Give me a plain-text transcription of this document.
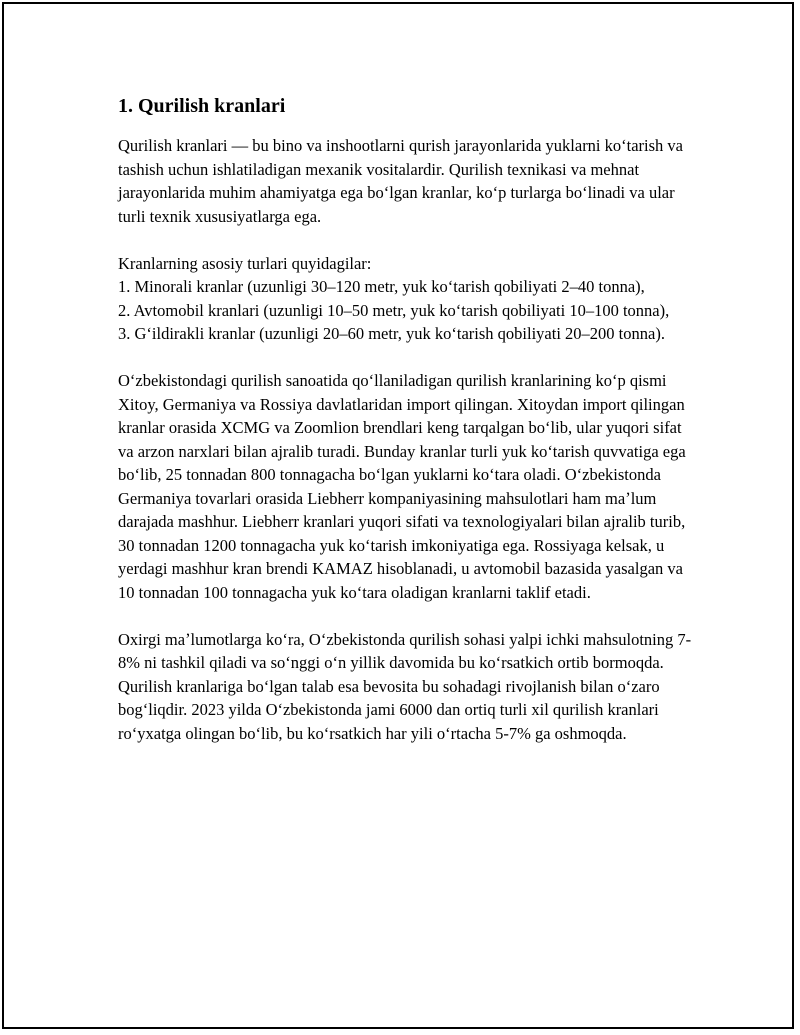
1. Qurilish kranlari

Qurilish kranlari — bu bino va inshootlarni qurish jarayonlarida yuklarni koʻtarish va tashish uchun ishlatiladigan mexanik vositalardir. Qurilish texnikasi va mehnat jarayonlarida muhim ahamiyatga ega boʻlgan kranlar, koʻp turlarga boʻlinadi va ular turli texnik xususiyatlarga ega.

Kranlarning asosiy turlari quyidagilar:
1. Minorali kranlar (uzunligi 30–120 metr, yuk koʻtarish qobiliyati 2–40 tonna),
2. Avtomobil kranlari (uzunligi 10–50 metr, yuk koʻtarish qobiliyati 10–100 tonna),
3. Gʻildirakli kranlar (uzunligi 20–60 metr, yuk koʻtarish qobiliyati 20–200 tonna).

Oʻzbekistondagi qurilish sanoatida qoʻllaniladigan qurilish kranlarining koʻp qismi Xitoy, Germaniya va Rossiya davlatlaridan import qilingan. Xitoydan import qilingan kranlar orasida XCMG va Zoomlion brendlari keng tarqalgan boʻlib, ular yuqori sifat va arzon narxlari bilan ajralib turadi. Bunday kranlar turli yuk koʻtarish quvvatiga ega boʻlib, 25 tonnadan 800 tonnagacha boʻlgan yuklarni koʻtara oladi. Oʻzbekistonda Germaniya tovarlari orasida Liebherr kompaniyasining mahsulotlari ham maʼlum darajada mashhur. Liebherr kranlari yuqori sifati va texnologiyalari bilan ajralib turib, 30 tonnadan 1200 tonnagacha yuk koʻtarish imkoniyatiga ega. Rossiyaga kelsak, u yerdagi mashhur kran brendi KAMAZ hisoblanadi, u avtomobil bazasida yasalgan va 10 tonnadan 100 tonnagacha yuk koʻtara oladigan kranlarni taklif etadi.

Oxirgi maʼlumotlarga koʻra, Oʻzbekistonda qurilish sohasi yalpi ichki mahsulotning 7-8% ni tashkil qiladi va soʻnggi oʻn yillik davomida bu koʻrsatkich ortib bormoqda. Qurilish kranlariga boʻlgan talab esa bevosita bu sohadagi rivojlanish bilan oʻzaro bogʻliqdir. 2023 yilda Oʻzbekistonda jami 6000 dan ortiq turli xil qurilish kranlari roʻyxatga olingan boʻlib, bu koʻrsatkich har yili oʻrtacha 5-7% ga oshmoqda.
